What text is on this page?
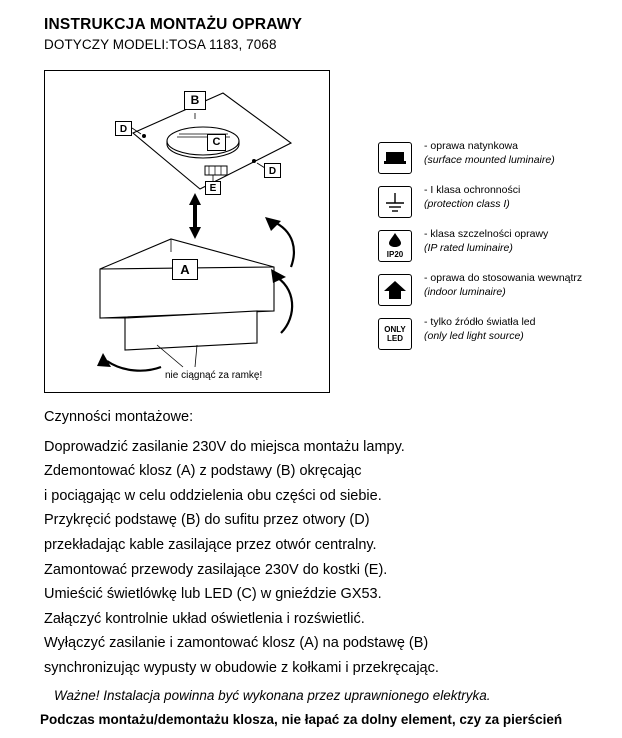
INSTRUKCJA MONTAŻU OPRAWY
DOTYCZY MODELI:TOSA 1183, 7068
B
C
D
D
E
A
nie ciągnąć za ramkę!
- oprawa natynkowa
(surface mounted luminaire)
- I klasa ochronności
(protection class I)
IP20
- klasa szczelności oprawy
(IP rated luminaire)
- oprawa do stosowania wewnątrz
(indoor luminaire)
ONLY
LED
- tylko źródło światła led
(only led light source)
Czynności montażowe:
Doprowadzić zasilanie 230V do miejsca montażu lampy.
Zdemontować klosz (A) z podstawy (B) okręcając
i pociągając w celu oddzielenia obu części od siebie.
Przykręcić podstawę (B) do sufitu przez otwory (D)
przekładając kable zasilające przez otwór centralny.
Zamontować przewody zasilające 230V do kostki (E).
Umieścić świetlówkę lub LED (C) w gnieździe GX53.
Załączyć kontrolnie układ oświetlenia i rozświetlić.
Wyłączyć zasilanie i zamontować klosz (A) na podstawę (B)
synchronizując wypusty w obudowie z kołkami i przekręcając.
Ważne! Instalacja powinna być wykonana przez uprawnionego elektryka.
Podczas montażu/demontażu klosza, nie łapać za dolny element, czy za pierścień
